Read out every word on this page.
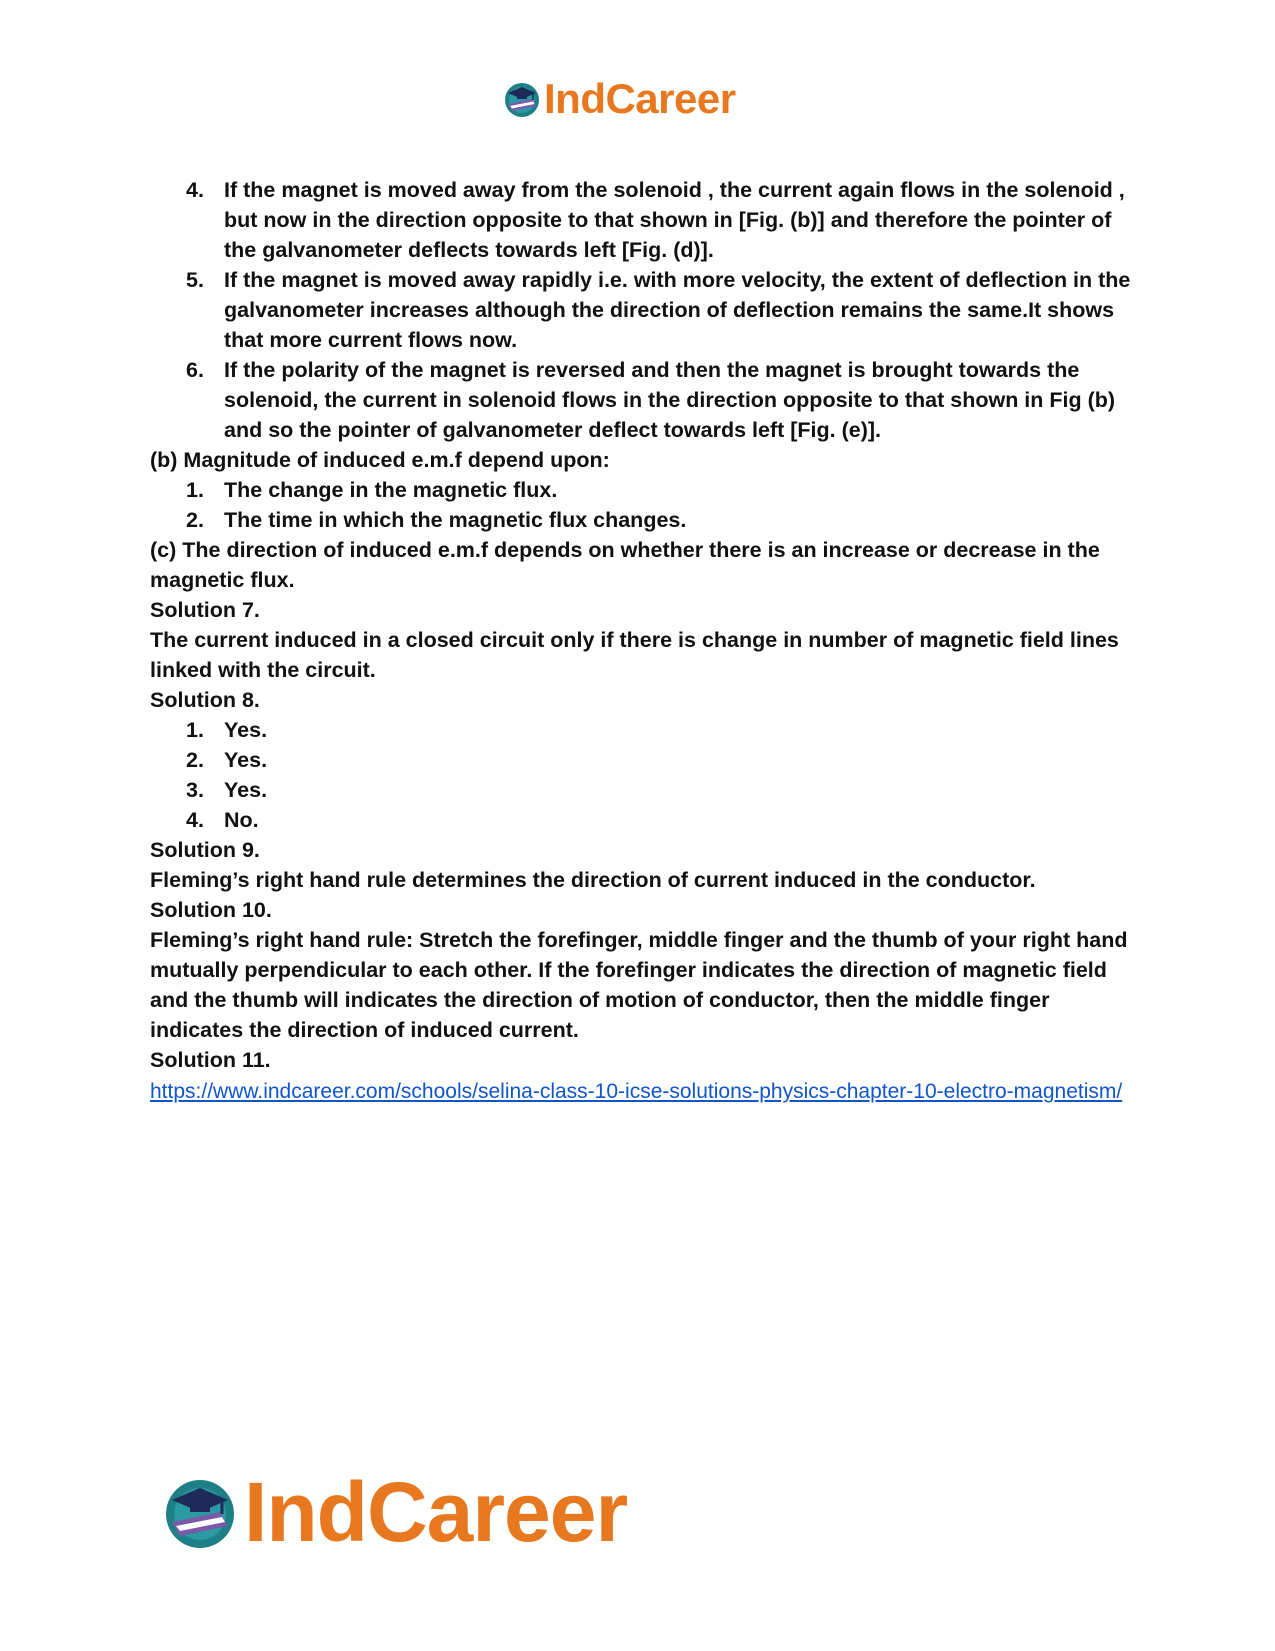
IndCareer
4. If the magnet is moved away from the solenoid , the current again flows in the solenoid , but now in the direction opposite to that shown in [Fig. (b)] and therefore the pointer of the galvanometer deflects towards left [Fig. (d)].
5. If the magnet is moved away rapidly i.e. with more velocity, the extent of deflection in the galvanometer increases although the direction of deflection remains the same.It shows that more current flows now.
6. If the polarity of the magnet is reversed and then the magnet is brought towards the solenoid, the current in solenoid flows in the direction opposite to that shown in Fig (b) and so the pointer of galvanometer deflect towards left [Fig. (e)].

(b) Magnitude of induced e.m.f depend upon:

1. The change in the magnetic flux.
2. The time in which the magnetic flux changes.

(c) The direction of induced e.m.f depends on whether there is an increase or decrease in the magnetic flux.

Solution 7.

The current induced in a closed circuit only if there is change in number of magnetic field lines linked with the circuit.

Solution 8.

1. Yes.
2. Yes.
3. Yes.
4. No.

Solution 9.

Fleming’s right hand rule determines the direction of current induced in the conductor.

Solution 10.

Fleming’s right hand rule: Stretch the forefinger, middle finger and the thumb of your right hand mutually perpendicular to each other. If the forefinger indicates the direction of magnetic field and the thumb will indicates the direction of motion of conductor, then the middle finger indicates the direction of induced current.

Solution 11.

https://www.indcareer.com/schools/selina-class-10-icse-solutions-physics-chapter-10-electro-magnetism/
IndCareer
